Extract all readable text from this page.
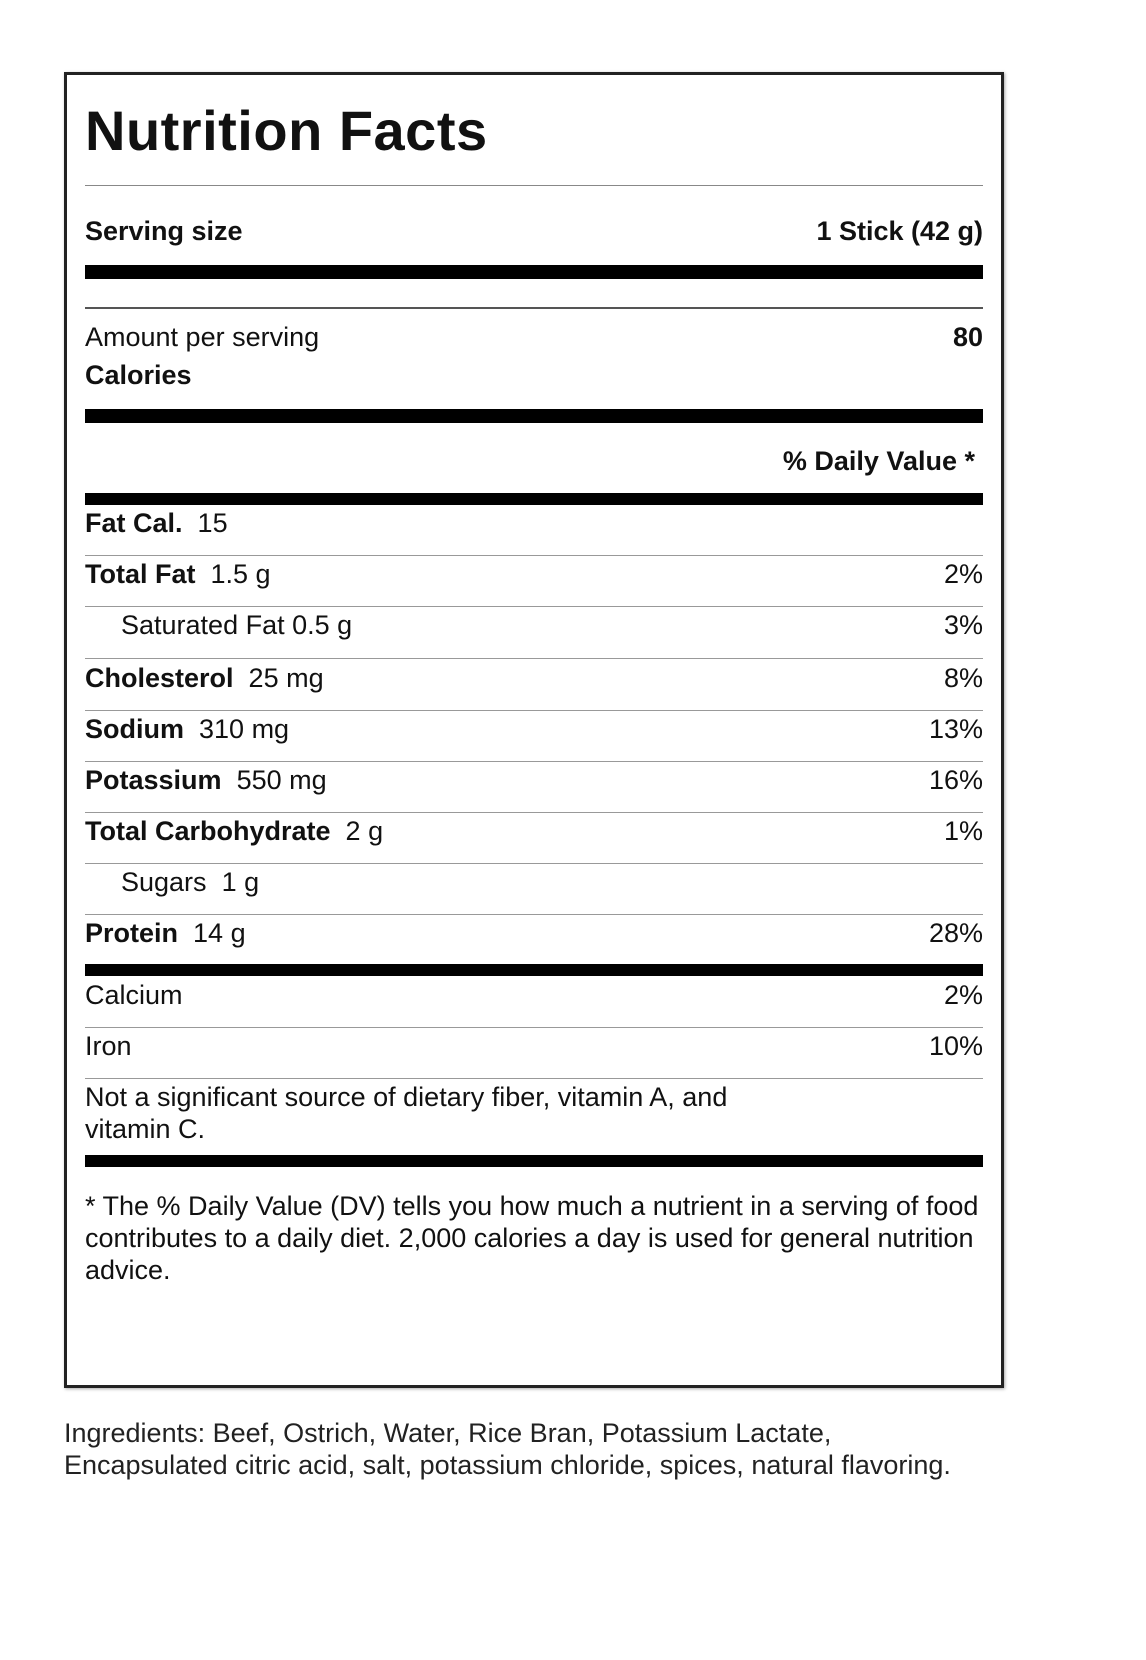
Nutrition Facts
Serving size	1 Stick (42 g)
Amount per serving	80
Calories
% Daily Value *
Fat Cal.  15
Total Fat  1.5 g	2%
Saturated Fat 0.5 g	3%
Cholesterol  25 mg	8%
Sodium  310 mg	13%
Potassium  550 mg	16%
Total Carbohydrate  2 g	1%
Sugars  1 g
Protein  14 g	28%
Calcium	2%
Iron	10%
Not a significant source of dietary fiber, vitamin A, and vitamin C.
* The % Daily Value (DV) tells you how much a nutrient in a serving of food contributes to a daily diet. 2,000 calories a day is used for general nutrition advice.
Ingredients: Beef, Ostrich, Water, Rice Bran, Potassium Lactate, Encapsulated citric acid, salt, potassium chloride, spices, natural flavoring.
